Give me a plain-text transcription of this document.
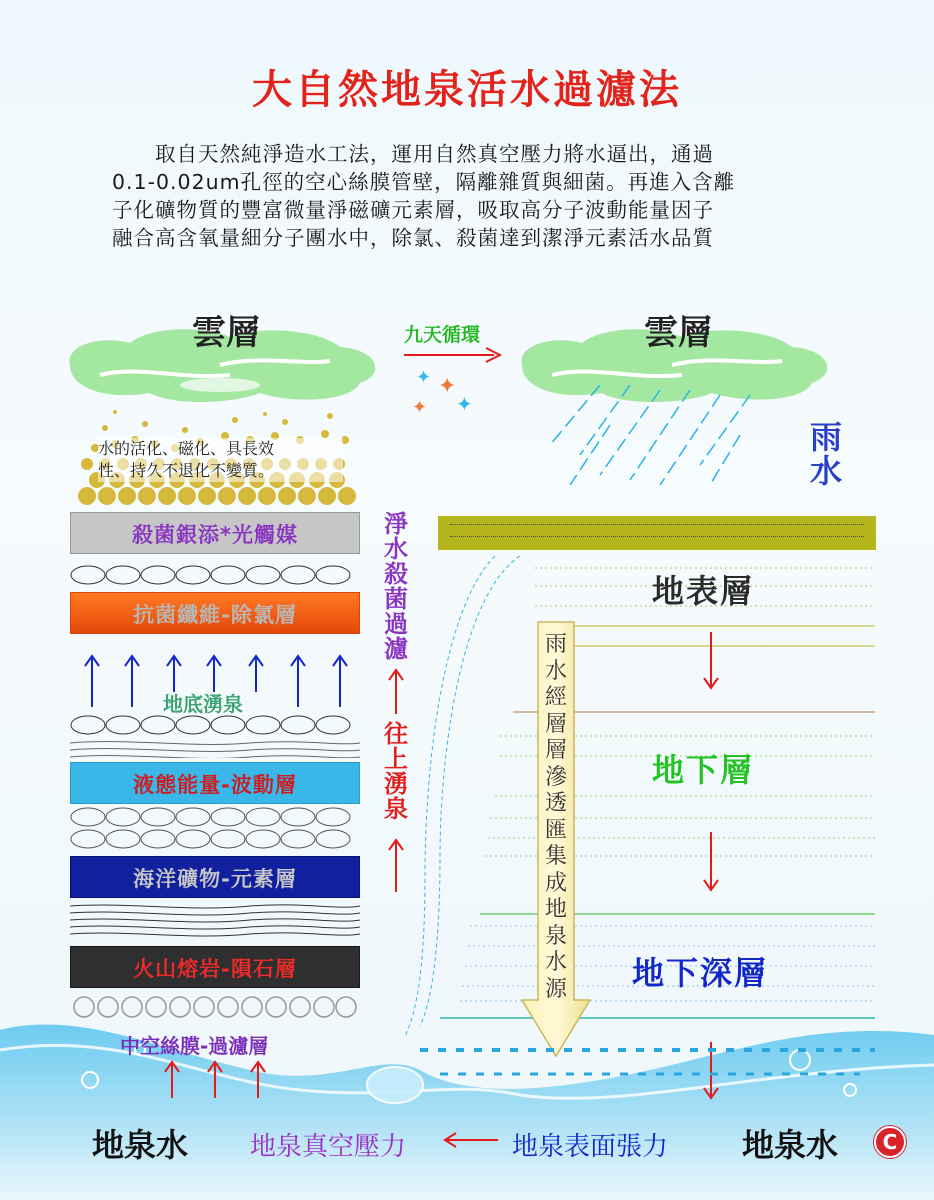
大自然地泉活水過濾法
　　取自天然純淨造水工法，運用自然真空壓力將水逼出，通過
0.1-0.02um孔徑的空心絲膜管壁，隔離雜質與細菌。再進入含離
子化礦物質的豐富微量淨磁礦元素層，吸取高分子波動能量因子
融合高含氧量細分子團水中，除氯、殺菌達到潔淨元素活水品質
雲層	雲層
九天循環
✦ ✦
✦ ✦
雨水
水的活化、磁化、具長效
性、持久不退化不變質。
殺菌銀添*光觸媒
抗菌纖維-除氯層
地底湧泉
液態能量-波動層
海洋礦物-元素層
火山熔岩-隕石層
中空絲膜-過濾層
淨水殺菌過濾
往上湧泉
地表層
地下層
地下深層
雨水經層層滲透匯集成地泉水源
地泉水 地泉真空壓力	地泉表面張力 地泉水	C
